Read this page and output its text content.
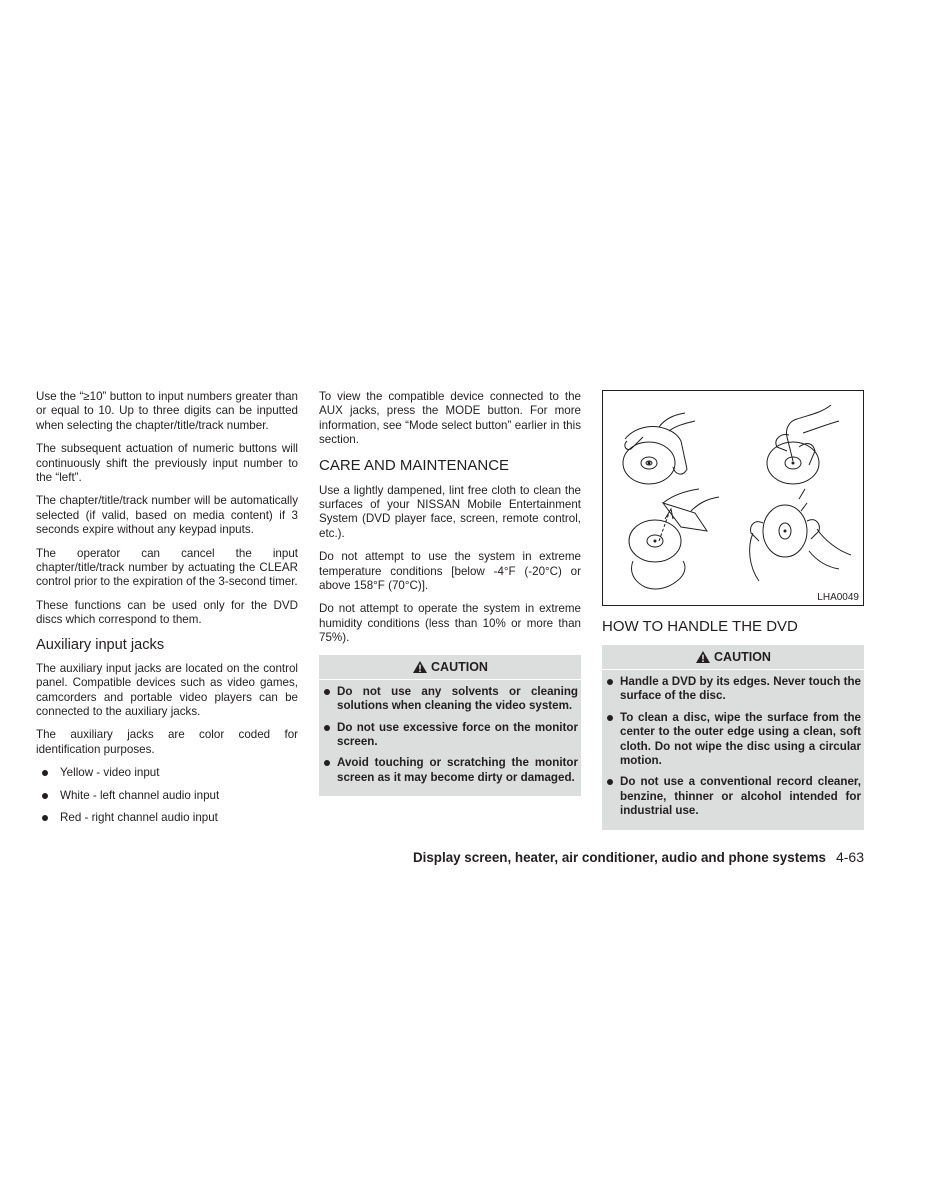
Use the “≥10” button to input numbers greater than or equal to 10. Up to three digits can be inputted when selecting the chapter/title/track number.

The subsequent actuation of numeric buttons will continuously shift the previously input number to the “left”.

The chapter/title/track number will be automatically selected (if valid, based on media content) if 3 seconds expire without any keypad inputs.

The operator can cancel the input chapter/title/track number by actuating the CLEAR control prior to the expiration of the 3-second timer.

These functions can be used only for the DVD discs which correspond to them.

Auxiliary input jacks

The auxiliary input jacks are located on the control panel. Compatible devices such as video games, camcorders and portable video players can be connected to the auxiliary jacks.

The auxiliary jacks are color coded for identification purposes.

Yellow - video input
White - left channel audio input
Red - right channel audio input

To view the compatible device connected to the AUX jacks, press the MODE button. For more information, see “Mode select button” earlier in this section.

CARE AND MAINTENANCE

Use a lightly dampened, lint free cloth to clean the surfaces of your NISSAN Mobile Entertainment System (DVD player face, screen, remote control, etc.).

Do not attempt to use the system in extreme temperature conditions [below -4°F (-20°C) or above 158°F (70°C)].

Do not attempt to operate the system in extreme humidity conditions (less than 10% or more than 75%).

CAUTION
Do not use any solvents or cleaning solutions when cleaning the video system.
Do not use excessive force on the monitor screen.
Avoid touching or scratching the monitor screen as it may become dirty or damaged.
LHA0049
HOW TO HANDLE THE DVD
CAUTION
Handle a DVD by its edges. Never touch the surface of the disc.
To clean a disc, wipe the surface from the center to the outer edge using a clean, soft cloth. Do not wipe the disc using a circular motion.
Do not use a conventional record cleaner, benzine, thinner or alcohol intended for industrial use.
Display screen, heater, air conditioner, audio and phone systems 4-63
